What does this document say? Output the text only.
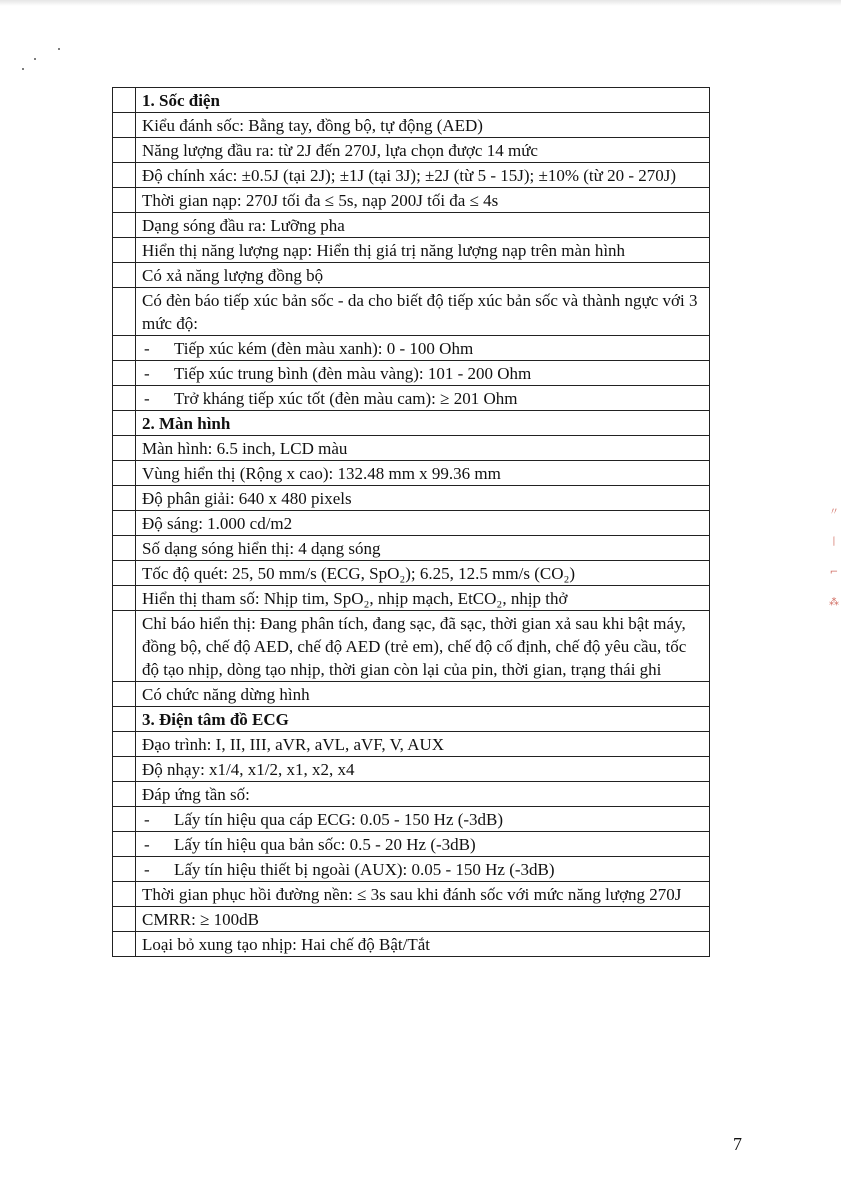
	1. Sốc điện
	Kiểu đánh sốc: Bằng tay, đồng bộ, tự động (AED)
	Năng lượng đầu ra: từ 2J đến 270J, lựa chọn được 14 mức
	Độ chính xác: ±0.5J (tại 2J); ±1J (tại 3J); ±2J (từ 5 - 15J); ±10% (từ 20 - 270J)
	Thời gian nạp: 270J tối đa ≤ 5s, nạp 200J tối đa ≤ 4s
	Dạng sóng đầu ra: Lưỡng pha
	Hiển thị năng lượng nạp: Hiển thị giá trị năng lượng nạp trên màn hình
	Có xả năng lượng đồng bộ
	Có đèn báo tiếp xúc bản sốc - da cho biết độ tiếp xúc bản sốc và thành ngực với 3 mức độ:
	- Tiếp xúc kém (đèn màu xanh): 0 - 100 Ohm
	- Tiếp xúc trung bình (đèn màu vàng): 101 - 200 Ohm
	- Trở kháng tiếp xúc tốt (đèn màu cam): ≥ 201 Ohm
	2. Màn hình
	Màn hình: 6.5 inch, LCD màu
	Vùng hiển thị (Rộng x cao): 132.48 mm x 99.36 mm
	Độ phân giải: 640 x 480 pixels
	Độ sáng: 1.000 cd/m2
	Số dạng sóng hiển thị: 4 dạng sóng
	Tốc độ quét: 25, 50 mm/s (ECG, SpO₂); 6.25, 12.5 mm/s (CO₂)
	Hiển thị tham số: Nhịp tim, SpO₂, nhịp mạch, EtCO₂, nhịp thở
	Chỉ báo hiển thị: Đang phân tích, đang sạc, đã sạc, thời gian xả sau khi bật máy, đồng bộ, chế độ AED, chế độ AED (trẻ em), chế độ cố định, chế độ yêu cầu, tốc độ tạo nhịp, dòng tạo nhịp, thời gian còn lại của pin, thời gian, trạng thái ghi
	Có chức năng dừng hình
	3. Điện tâm đồ ECG
	Đạo trình: I, II, III, aVR, aVL, aVF, V, AUX
	Độ nhạy: x1/4, x1/2, x1, x2, x4
	Đáp ứng tần số:
	- Lấy tín hiệu qua cáp ECG: 0.05 - 150 Hz (-3dB)
	- Lấy tín hiệu qua bản sốc: 0.5 - 20 Hz (-3dB)
	- Lấy tín hiệu thiết bị ngoài (AUX): 0.05 - 150 Hz (-3dB)
	Thời gian phục hồi đường nền: ≤ 3s sau khi đánh sốc với mức năng lượng 270J
	CMRR: ≥ 100dB
	Loại bỏ xung tạo nhịp: Hai chế độ Bật/Tắt
〃
丨
⌐
⁂
7
